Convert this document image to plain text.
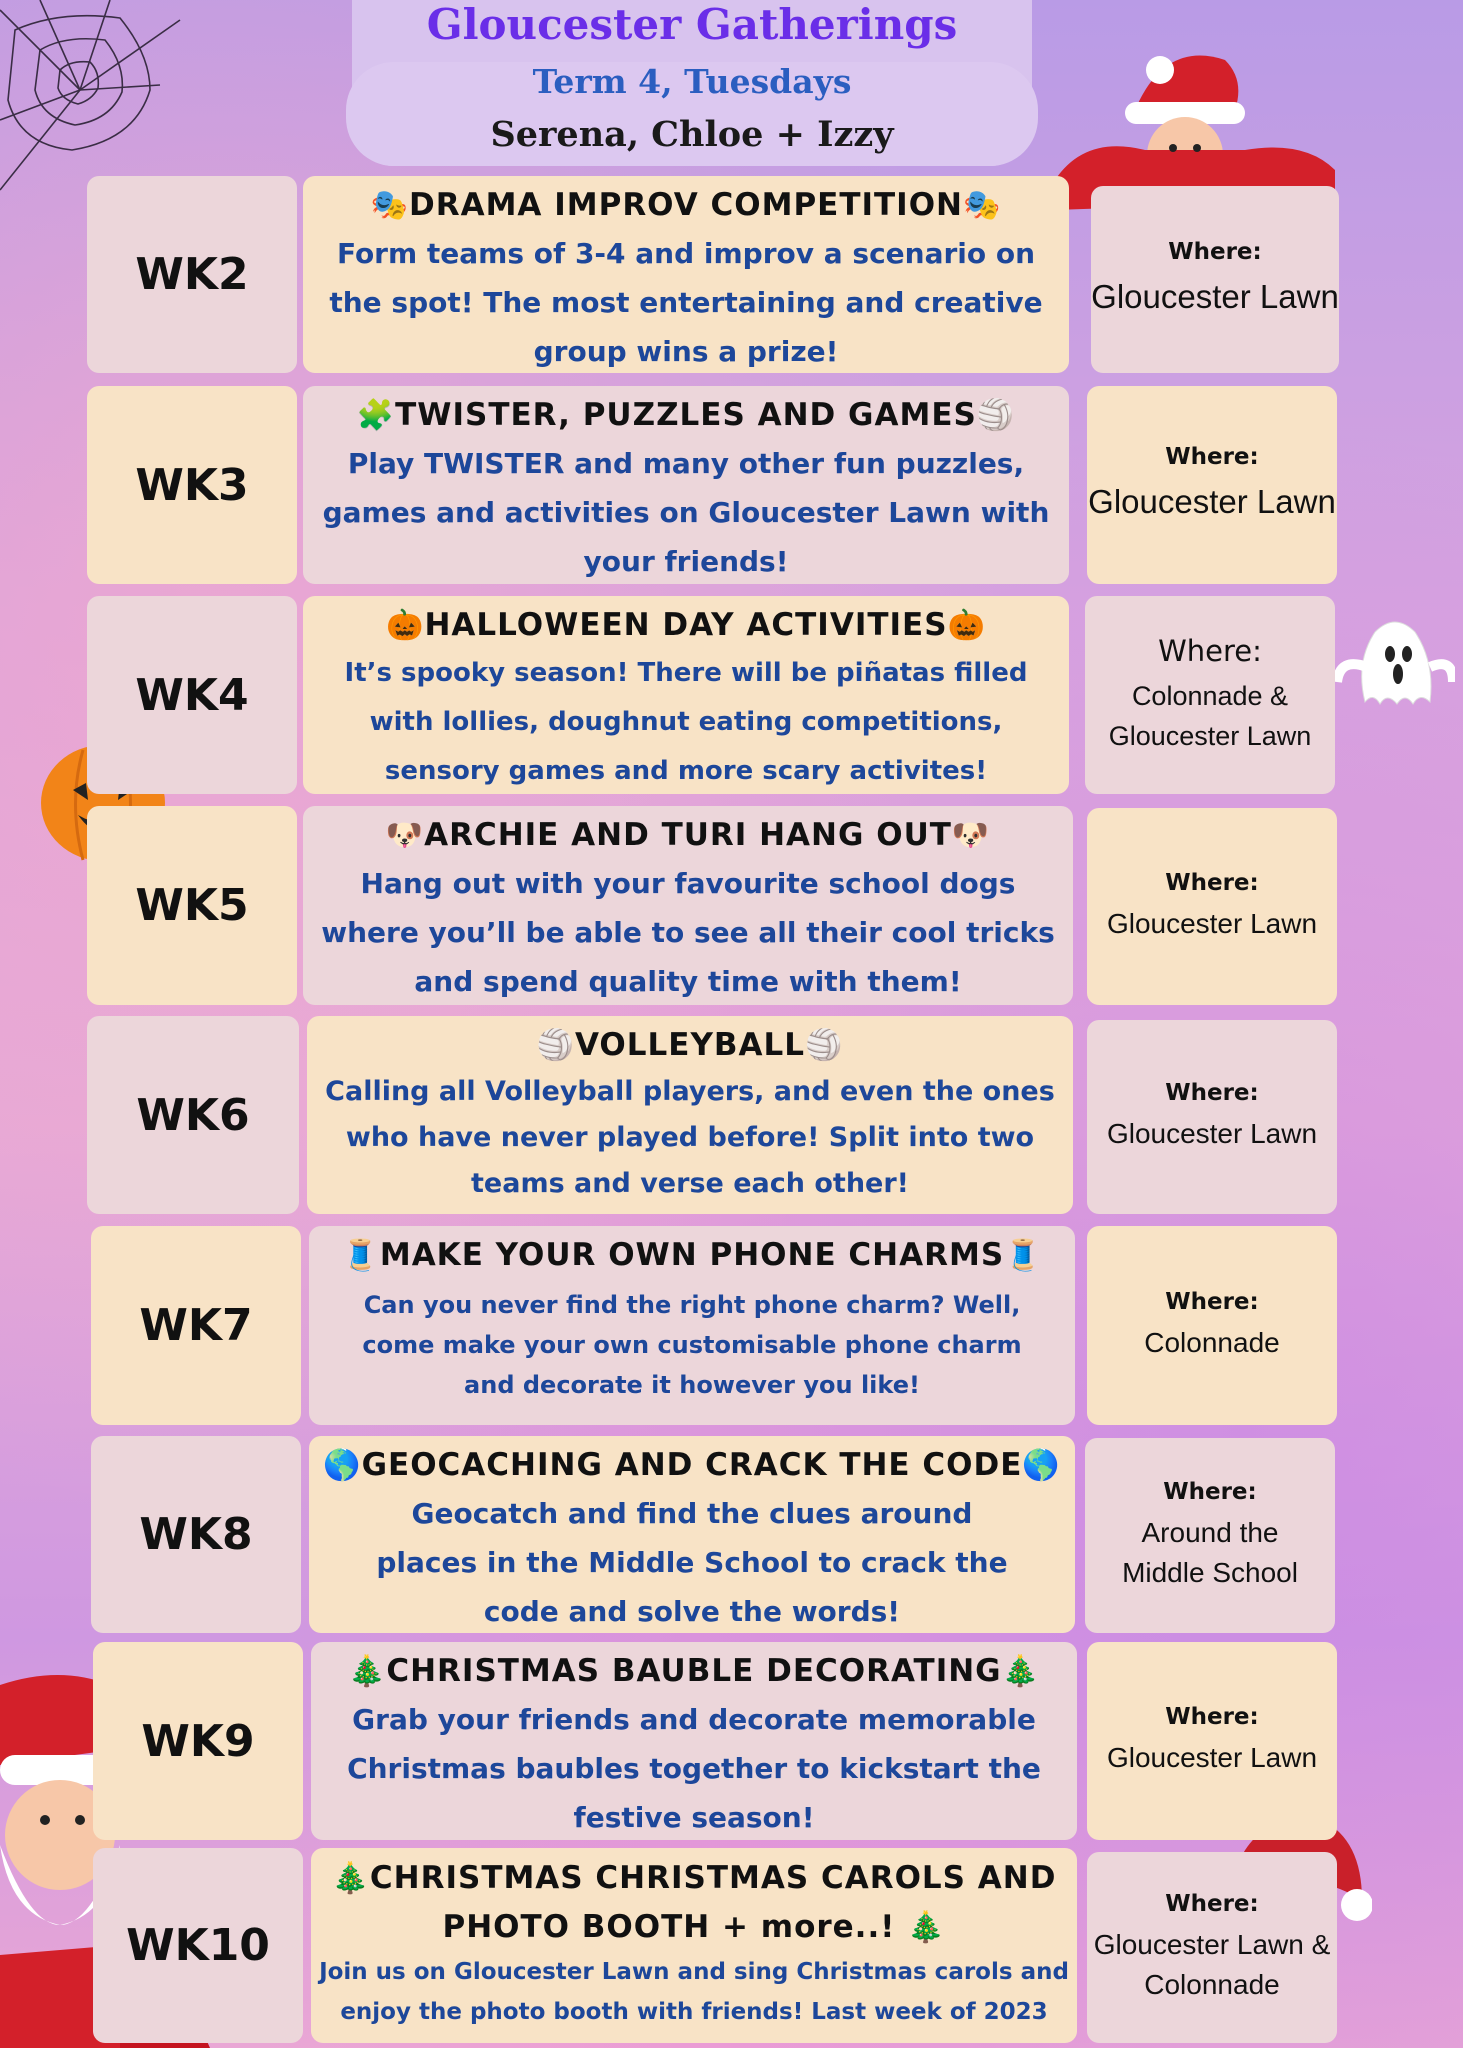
Gloucester Gatherings
Term 4, Tuesdays
Serena, Chloe + Izzy
WK2
🎭DRAMA IMPROV COMPETITION🎭
Form teams of 3-4 and improv a scenario on the spot! The most entertaining and creative group wins a prize!
Where:
Gloucester Lawn
WK3
🧩TWISTER, PUZZLES AND GAMES🏐
Play TWISTER and many other fun puzzles, games and activities on Gloucester Lawn with your friends!
Where:
Gloucester Lawn
WK4
🎃HALLOWEEN DAY ACTIVITIES🎃
It’s spooky season! There will be piñatas filled with lollies, doughnut eating competitions, sensory games and more scary activites!
Where:
Colonnade & Gloucester Lawn
WK5
🐶ARCHIE AND TURI HANG OUT🐶
Hang out with your favourite school dogs where you’ll be able to see all their cool tricks and spend quality time with them!
Where:
Gloucester Lawn
WK6
🏐VOLLEYBALL🏐
Calling all Volleyball players, and even the ones who have never played before! Split into two teams and verse each other!
Where:
Gloucester Lawn
WK7
🧵MAKE YOUR OWN PHONE CHARMS🧵
Can you never find the right phone charm? Well, come make your own customisable phone charm and decorate it however you like!
Where:
Colonnade
WK8
🌎GEOCACHING AND CRACK THE CODE🌎
Geocatch and find the clues around places in the Middle School to crack the code and solve the words!
Where:
Around the Middle School
WK9
🎄CHRISTMAS BAUBLE DECORATING🎄
Grab your friends and decorate memorable Christmas baubles together to kickstart the festive season!
Where:
Gloucester Lawn
WK10
🎄CHRISTMAS CHRISTMAS CAROLS AND
PHOTO BOOTH + more..! 🎄
Join us on Gloucester Lawn and sing Christmas carols and enjoy the photo booth with friends! Last week of 2023
Where:
Gloucester Lawn & Colonnade
